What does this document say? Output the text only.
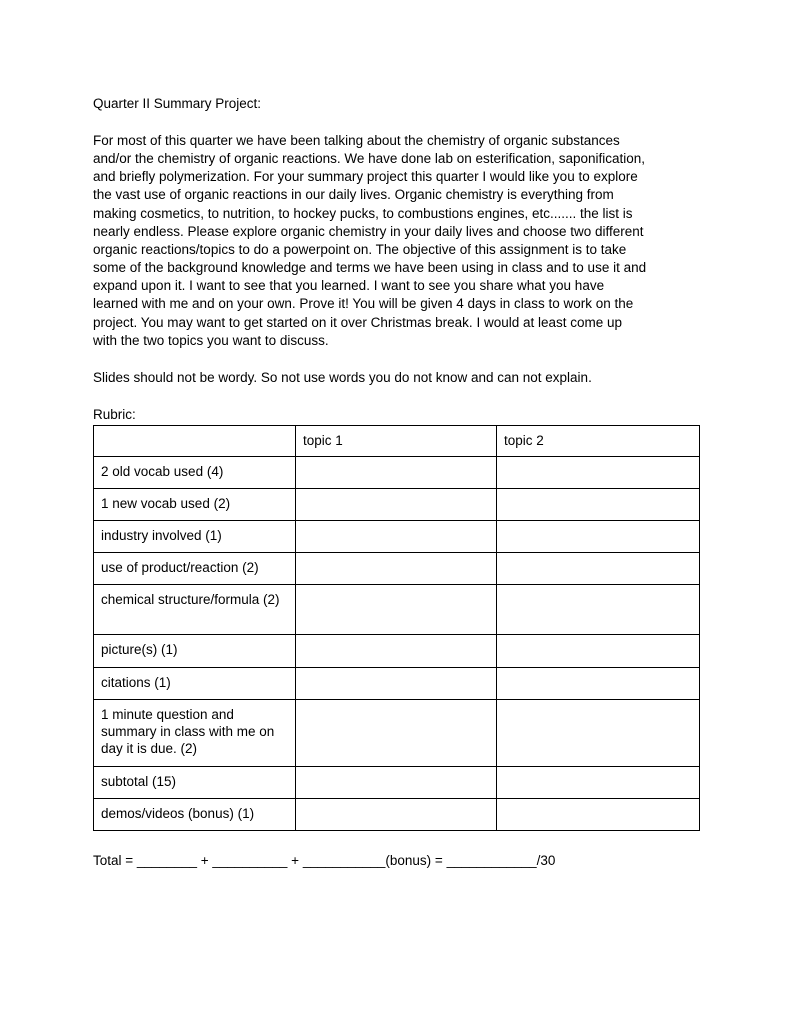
Quarter II Summary Project:
For most of this quarter we have been talking about the chemistry of organic substances
and/or the chemistry of organic reactions. We have done lab on esterification, saponification,
and briefly polymerization. For your summary project this quarter I would like you to explore
the vast use of organic reactions in our daily lives. Organic chemistry is everything from
making cosmetics, to nutrition, to hockey pucks, to combustions engines, etc....... the list is
nearly endless. Please explore organic chemistry in your daily lives and choose two different
organic reactions/topics to do a powerpoint on. The objective of this assignment is to take
some of the background knowledge and terms we have been using in class and to use it and
expand upon it. I want to see that you learned. I want to see you share what you have
learned with me and on your own. Prove it! You will be given 4 days in class to work on the
project. You may want to get started on it over Christmas break. I would at least come up
with the two topics you want to discuss.
Slides should not be wordy. So not use words you do not know and can not explain.
Rubric:
	topic 1	topic 2
2 old vocab used (4)		
1 new vocab used (2)		
industry involved (1)		
use of product/reaction (2)		
chemical structure/formula (2)		
picture(s) (1)		
citations (1)		
1 minute question and summary in class with me on day it is due. (2)		
subtotal (15)		
demos/videos (bonus) (1)		
Total = ________ + __________ + ___________(bonus) = ____________/30
